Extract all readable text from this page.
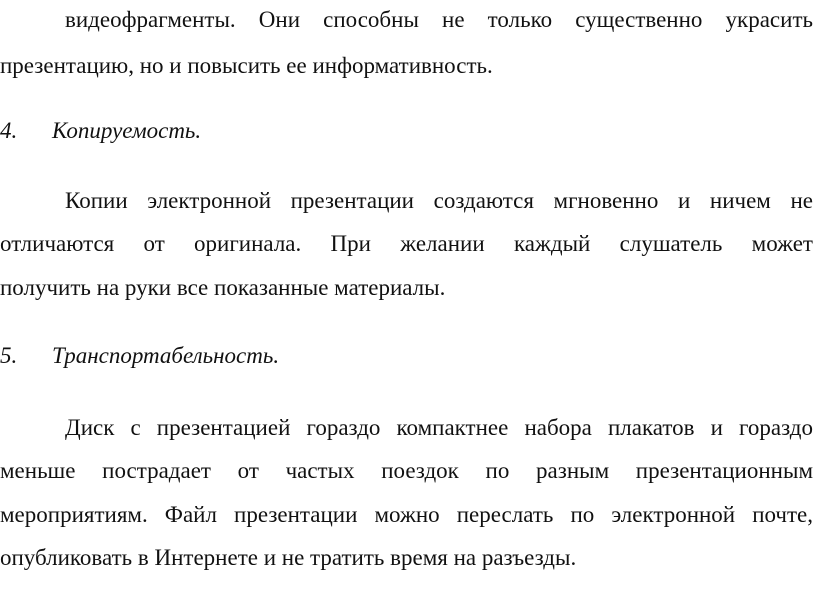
видеофрагменты. Они способны не только существенно украсить
презентацию, но и повысить ее информативность.
4. Копируемость.
Копии электронной презентации создаются мгновенно и ничем не
отличаются от оригинала. При желании каждый слушатель может
получить на руки все показанные материалы.
5. Транспортабельность.
Диск с презентацией гораздо компактнее набора плакатов и гораздо
меньше пострадает от частых поездок по разным презентационным
мероприятиям. Файл презентации можно переслать по электронной почте,
опубликовать в Интернете и не тратить время на разъезды.
